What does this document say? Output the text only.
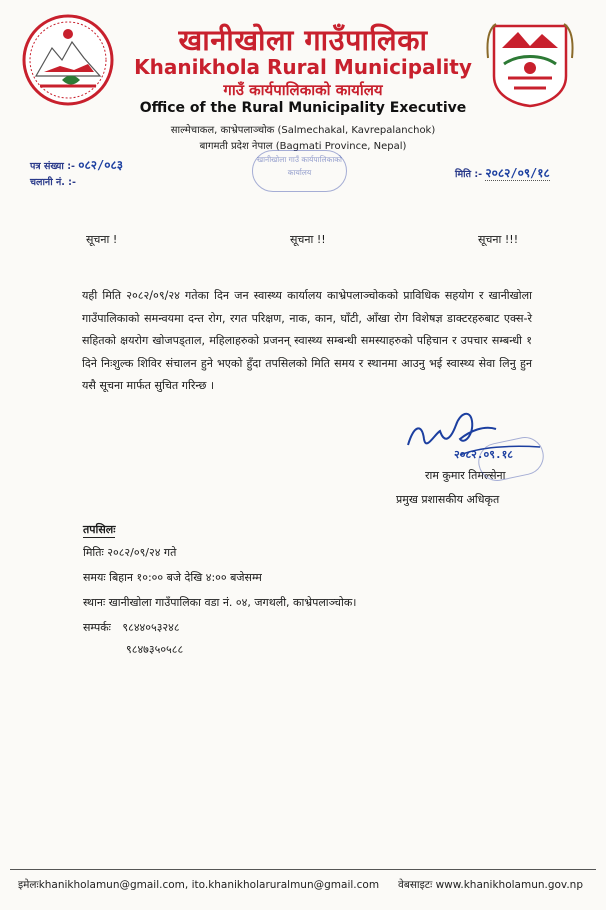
खानीखोला गाउँपालिका
Khanikhola Rural Municipality
गाउँ कार्यपालिकाको कार्यालय
Office of the Rural Municipality Executive
साल्मेचाकल, काभ्रेपलाञ्चोक (Salmechakal, Kavrepalanchok)
बागमती प्रदेश नेपाल (Bagmati Province, Nepal)
खानीखोला गाउँ कार्यपालिकाको कार्यालय
पत्र संख्या :- ०८२/०८३
चलानी नं. :-
मिति :- २०८२/०९/१८
सूचना !	सूचना !!	सूचना !!!
यही मिति २०८२/०९/२४ गतेका दिन जन स्वास्थ्य कार्यालय काभ्रेपलाञ्चोकको प्राविधिक सहयोग र खानीखोला गाउँपालिकाको समन्वयमा दन्त रोग, रगत परिक्षण, नाक, कान, घाँटी, आँखा रोग विशेषज्ञ डाक्टरहरुबाट एक्स-रे सहितको क्षयरोग खोजपड्ताल, महिलाहरुको प्रजनन् स्वास्थ्य सम्बन्धी समस्याहरुको पहिचान र उपचार सम्बन्धी १ दिने निःशुल्क शिविर संचालन हुने भएको हुँदा तपसिलको मिति समय र स्थानमा आउनु भई स्वास्थ्य सेवा लिनु हुन यसै सूचना मार्फत सुचित गरिन्छ ।
२०८२.०९.१८
राम कुमार तिमल्सेना
प्रमुख प्रशासकीय अधिकृत
तपसिलः
मितिः २०८२/०९/२४ गते
समयः बिहान १०:०० बजे देखि ४:०० बजेसम्म
स्थानः खानीखोला गाउँपालिका वडा नं. ०४, जगथली, काभ्रेपलाञ्चोक।
सम्पर्कः ९८४४०५३२४८
९८४७३५०५८८
इमेलःkhanikholamun@gmail.com, ito.khanikholaruralmun@gmail.com वेबसाइटः www.khanikholamun.gov.np
